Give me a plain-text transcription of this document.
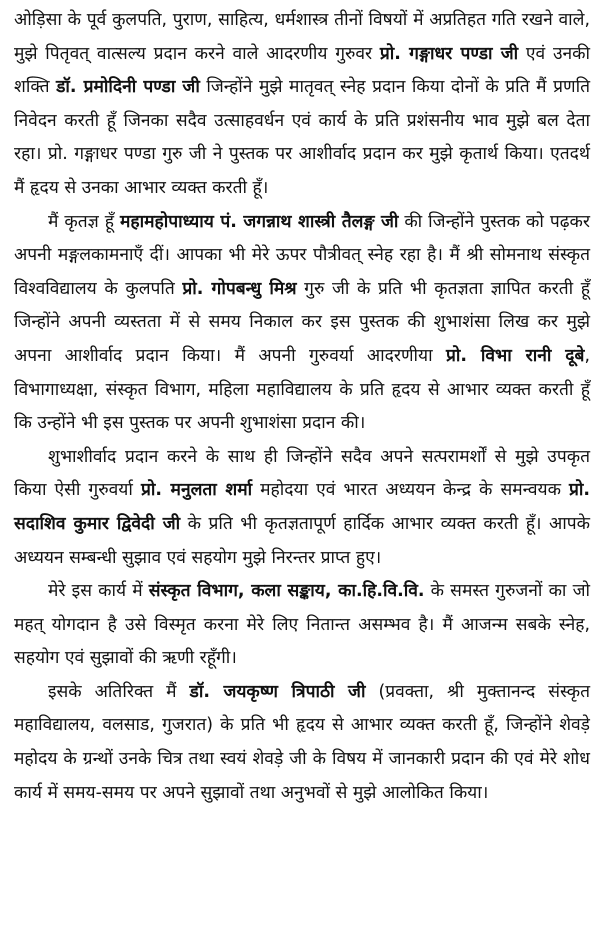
ओड़िसा के पूर्व कुलपति, पुराण, साहित्य, धर्मशास्त्र तीनों विषयों में अप्रतिहत गति रखने वाले, मुझे पितृवत् वात्सल्य प्रदान करने वाले आदरणीय गुरुवर प्रो. गङ्गाधर पण्डा जी एवं उनकी शक्ति डॉ. प्रमोदिनी पण्डा जी जिन्होंने मुझे मातृवत् स्नेह प्रदान किया दोनों के प्रति मैं प्रणति निवेदन करती हूँ जिनका सदैव उत्साहवर्धन एवं कार्य के प्रति प्रशंसनीय भाव मुझे बल देता रहा। प्रो. गङ्गाधर पण्डा गुरु जी ने पुस्तक पर आशीर्वाद प्रदान कर मुझे कृतार्थ किया। एतदर्थ मैं हृदय से उनका आभार व्यक्त करती हूँ।

मैं कृतज्ञ हूँ महामहोपाध्याय पं. जगन्नाथ शास्त्री तैलङ्ग जी की जिन्होंने पुस्तक को पढ़कर अपनी मङ्गलकामनाएँ दीं। आपका भी मेरे ऊपर पौत्रीवत् स्नेह रहा है। मैं श्री सोमनाथ संस्कृत विश्वविद्यालय के कुलपति प्रो. गोपबन्धु मिश्र गुरु जी के प्रति भी कृतज्ञता ज्ञापित करती हूँ जिन्होंने अपनी व्यस्तता में से समय निकाल कर इस पुस्तक की शुभाशंसा लिख कर मुझे अपना आशीर्वाद प्रदान किया। मैं अपनी गुरुवर्या आदरणीया प्रो. विभा रानी दूबे, विभागाध्यक्षा, संस्कृत विभाग, महिला महाविद्यालय के प्रति हृदय से आभार व्यक्त करती हूँ कि उन्होंने भी इस पुस्तक पर अपनी शुभाशंसा प्रदान की।

शुभाशीर्वाद प्रदान करने के साथ ही जिन्होंने सदैव अपने सत्परामर्शों से मुझे उपकृत किया ऐसी गुरुवर्या प्रो. मनुलता शर्मा महोदया एवं भारत अध्ययन केन्द्र के समन्वयक प्रो. सदाशिव कुमार द्विवेदी जी के प्रति भी कृतज्ञतापूर्ण हार्दिक आभार व्यक्त करती हूँ। आपके अध्ययन सम्बन्धी सुझाव एवं सहयोग मुझे निरन्तर प्राप्त हुए।

मेरे इस कार्य में संस्कृत विभाग, कला सङ्काय, का.हि.वि.वि. के समस्त गुरुजनों का जो महत् योगदान है उसे विस्मृत करना मेरे लिए नितान्त असम्भव है। मैं आजन्म सबके स्नेह, सहयोग एवं सुझावों की ऋणी रहूँगी।

इसके अतिरिक्त मैं डॉ. जयकृष्ण त्रिपाठी जी (प्रवक्ता, श्री मुक्तानन्द संस्कृत महाविद्यालय, वलसाड, गुजरात) के प्रति भी हृदय से आभार व्यक्त करती हूँ, जिन्होंने शेवड़े महोदय के ग्रन्थों उनके चित्र तथा स्वयं शेवड़े जी के विषय में जानकारी प्रदान की एवं मेरे शोध कार्य में समय-समय पर अपने सुझावों तथा अनुभवों से मुझे आलोकित किया।
